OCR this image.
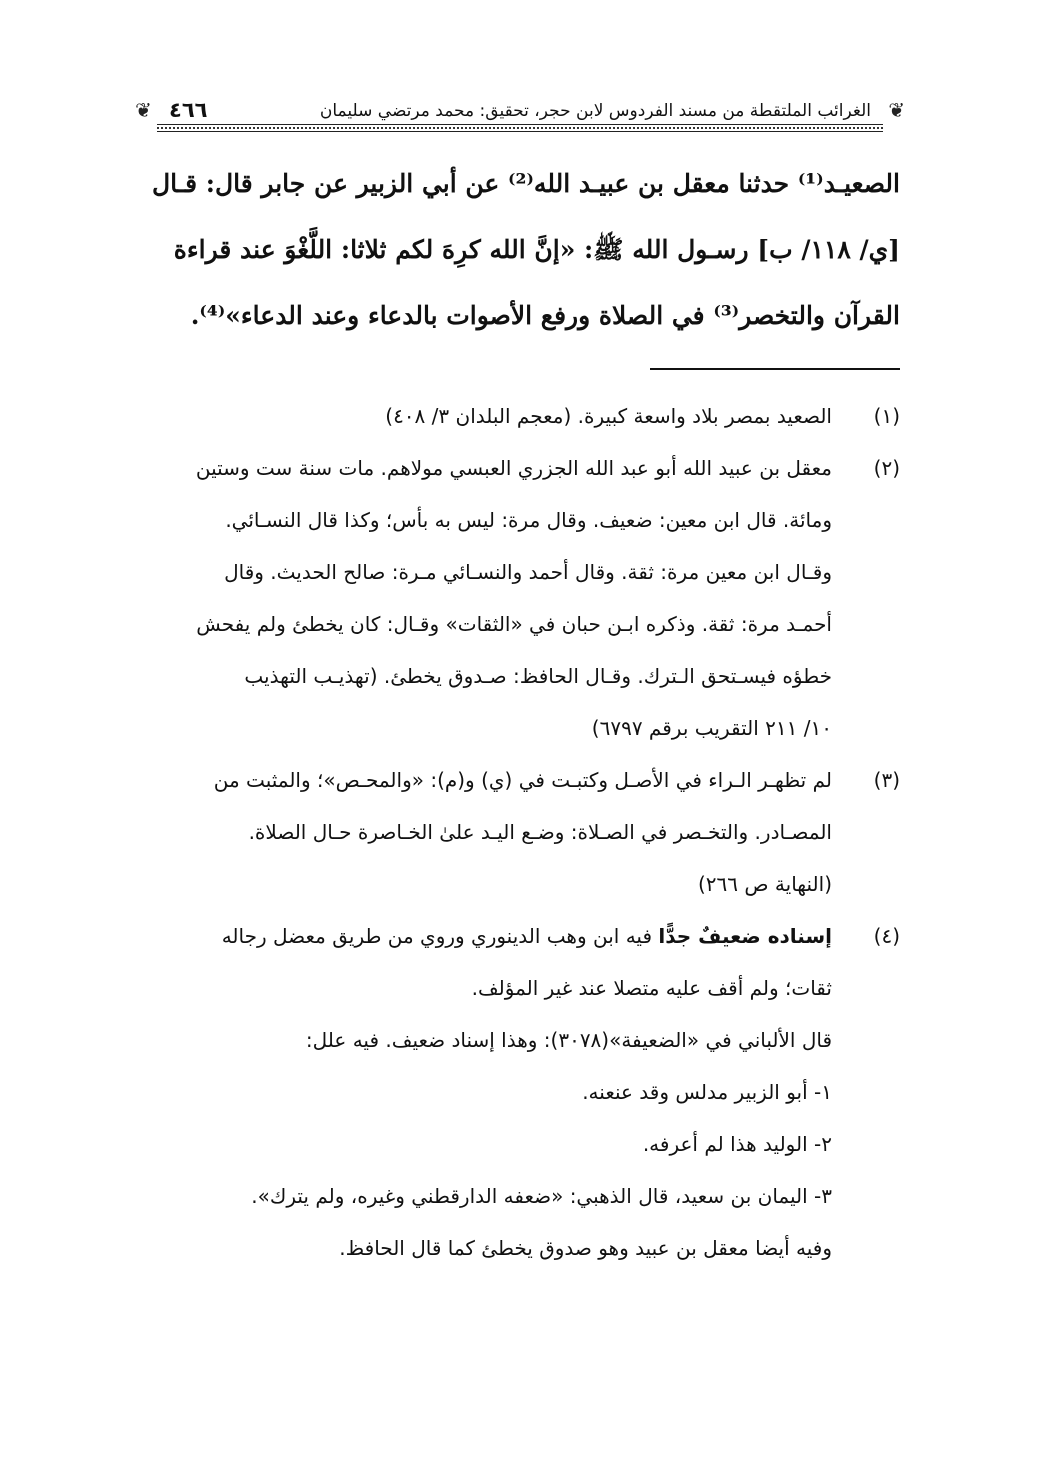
❦
الغرائب الملتقطة من مسند الفردوس لابن حجر، تحقيق: محمد مرتضي سليمان
٤٦٦
❦
الصعيـد⁽¹⁾ حدثنا معقل بن عبيـد الله⁽²⁾ عن أبي الزبير عن جابر قال: قـال
[ي/ ١١٨/ ب] رسـول الله ﷺ: «إنَّ الله كرِهَ لكم ثلاثا: اللَّغْوَ عند قراءة
القرآن والتخصر⁽³⁾ في الصلاة ورفع الأصوات بالدعاء وعند الدعاء»⁽⁴⁾.
(١)
الصعيد بمصر بلاد واسعة كبيرة. (معجم البلدان ٣/ ٤٠٨)
(٢)
معقل بن عبيد الله أبو عبد الله الجزري العبسي مولاهم. مات سنة ست وستين
ومائة. قال ابن معين: ضعيف. وقال مرة: ليس به بأس؛ وكذا قال النسـائي.
وقـال ابن معين مرة: ثقة. وقال أحمد والنسـائي مـرة: صالح الحديث. وقال
أحمـد مرة: ثقة. وذكره ابـن حبان في «الثقات» وقـال: كان يخطئ ولم يفحش
خطؤه فيسـتحق الـترك. وقـال الحافظ: صـدوق يخطئ. (تهذيـب التهذيب
١٠/ ٢١١ التقريب برقم ٦٧٩٧)
(٣)
لم تظهـر الـراء في الأصـل وكتبـت في (ي) و(م): «والمحـص»؛ والمثبت من
المصـادر. والتخـصر في الصـلاة: وضـع اليـد علىٰ الخـاصرة حـال الصلاة.
(النهاية ص ٢٦٦)
(٤)
إسناده ضعيفٌ جدًّا فيه ابن وهب الدينوري وروي من طريق معضل رجاله
ثقات؛ ولم أقف عليه متصلا عند غير المؤلف.
قال الألباني في «الضعيفة»(٣٠٧٨): وهذا إسناد ضعيف. فيه علل:
١- أبو الزبير مدلس وقد عنعنه.
٢- الوليد هذا لم أعرفه.
٣- اليمان بن سعيد، قال الذهبي: «ضعفه الدارقطني وغيره، ولم يترك».
وفيه أيضا معقل بن عبيد وهو صدوق يخطئ كما قال الحافظ.
